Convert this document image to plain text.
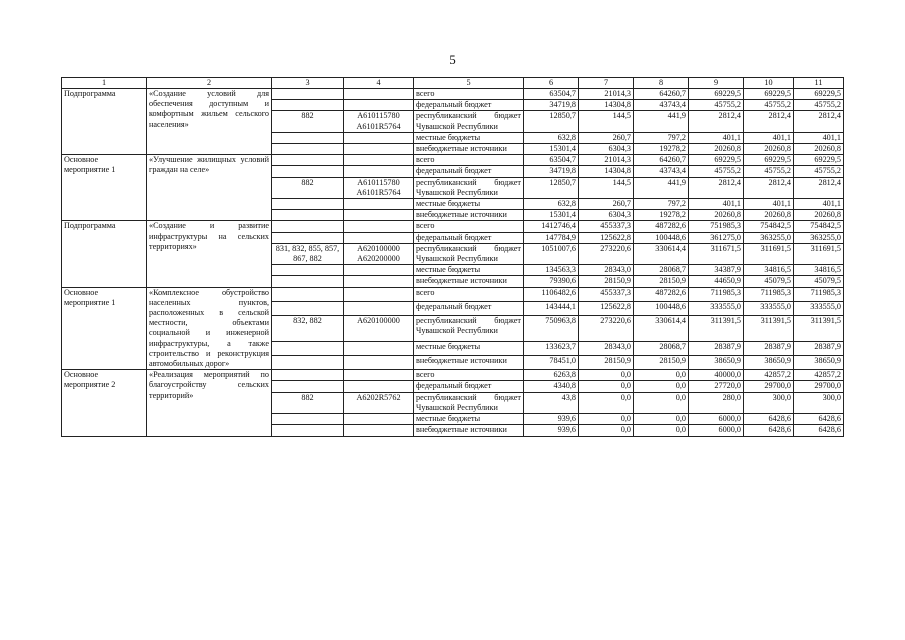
5
1	2	3	4	5	6	7	8	9	10	11
Подпрограмма	«Создание условий для обеспечения доступным и комфортным жильем сельского населения»			всего	63504,7	21014,3	64260,7	69229,5	69229,5	69229,5
				федеральный бюджет	34719,8	14304,8	43743,4	45755,2	45755,2	45755,2
		882	А610115780 А6101R5764	республиканский бюджет Чувашской Республики	12850,7	144,5	441,9	2812,4	2812,4	2812,4
				местные бюджеты	632,8	260,7	797,2	401,1	401,1	401,1
				внебюджетные источники	15301,4	6304,3	19278,2	20260,8	20260,8	20260,8
Основное мероприятие 1	«Улучшение жилищных условий граждан на селе»			всего	63504,7	21014,3	64260,7	69229,5	69229,5	69229,5
				федеральный бюджет	34719,8	14304,8	43743,4	45755,2	45755,2	45755,2
		882	А610115780 А6101R5764	республиканский бюджет Чувашской Республики	12850,7	144,5	441,9	2812,4	2812,4	2812,4
				местные бюджеты	632,8	260,7	797,2	401,1	401,1	401,1
				внебюджетные источники	15301,4	6304,3	19278,2	20260,8	20260,8	20260,8
Подпрограмма	«Создание и развитие инфраструктуры на сельских территориях»			всего	1412746,4	455337,3	487282,6	751985,3	754842,5	754842,5
				федеральный бюджет	147784,9	125622,8	100448,6	361275,0	363255,0	363255,0
		831, 832, 855, 857, 867, 882	А620100000 А620200000	республиканский бюджет Чувашской Республики	1051007,6	273220,6	330614,4	311671,5	311691,5	311691,5
				местные бюджеты	134563,3	28343,0	28068,7	34387,9	34816,5	34816,5
				внебюджетные источники	79390,6	28150,9	28150,9	44650,9	45079,5	45079,5
Основное мероприятие 1	«Комплексное обустройство населенных пунктов, расположенных в сельской местности, объектами социальной и инженерной инфраструктуры, а также строительство и реконструкция автомобильных дорог»			всего	1106482,6	455337,3	487282,6	711985,3	711985,3	711985,3
				федеральный бюджет	143444,1	125622,8	100448,6	333555,0	333555,0	333555,0
		832, 882	А620100000	республиканский бюджет Чувашской Республики	750963,8	273220,6	330614,4	311391,5	311391,5	311391,5
				местные бюджеты	133623,7	28343,0	28068,7	28387,9	28387,9	28387,9
				внебюджетные источники	78451,0	28150,9	28150,9	38650,9	38650,9	38650,9
Основное мероприятие 2	«Реализация мероприятий по благоустройству сельских территорий»			всего	6263,8	0,0	0,0	40000,0	42857,2	42857,2
				федеральный бюджет	4340,8	0,0	0,0	27720,0	29700,0	29700,0
		882	А6202R5762	республиканский бюджет Чувашской Республики	43,8	0,0	0,0	280,0	300,0	300,0
				местные бюджеты	939,6	0,0	0,0	6000,0	6428,6	6428,6
				внебюджетные источники	939,6	0,0	0,0	6000,0	6428,6	6428,6
